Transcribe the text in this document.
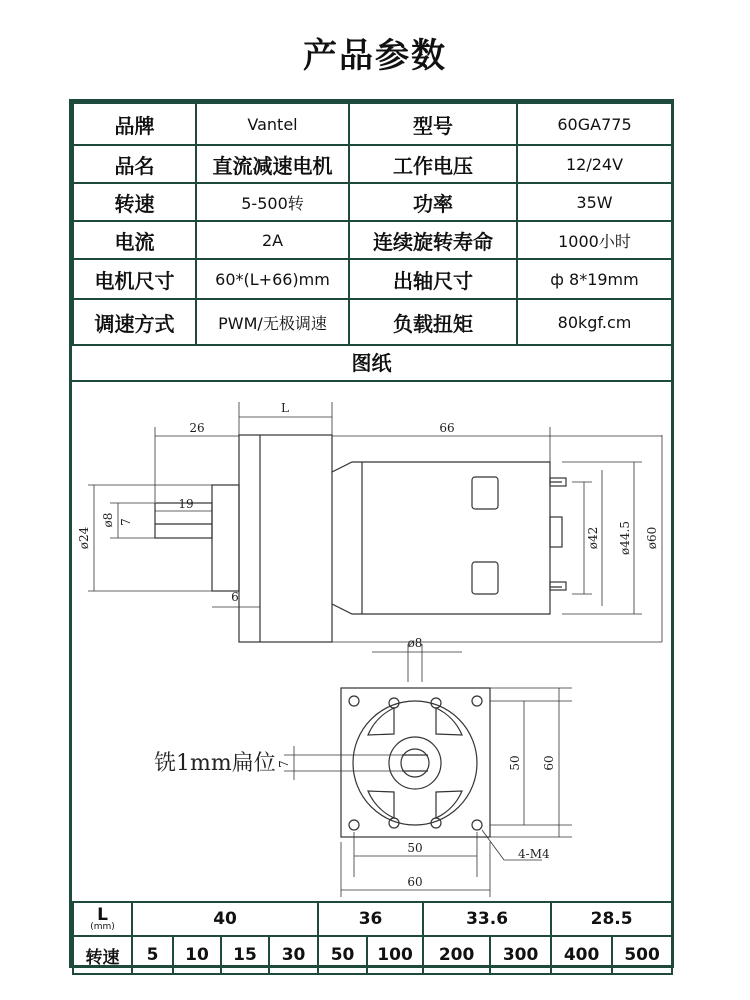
产品参数
品牌	Vantel	型号	60GA775
品名	直流减速电机	工作电压	12/24V
转速	5-500转	功率	35W
电流	2A	连续旋转寿命	1000小时
电机尺寸	60*(L+66)mm	出轴尺寸	ф 8*19mm
调速方式	PWM/无极调速	负载扭矩	80kgf.cm
图纸
L
26	66
19
6
ø24
ø8 7
ø42 ø44.5 ø60
ø8
7	50 60
50
60
4-M4
铣1mm扁位
L
(mm)	40				36		33.6		28.5	
转速	5	10	15	30	50	100	200	300	400	500
